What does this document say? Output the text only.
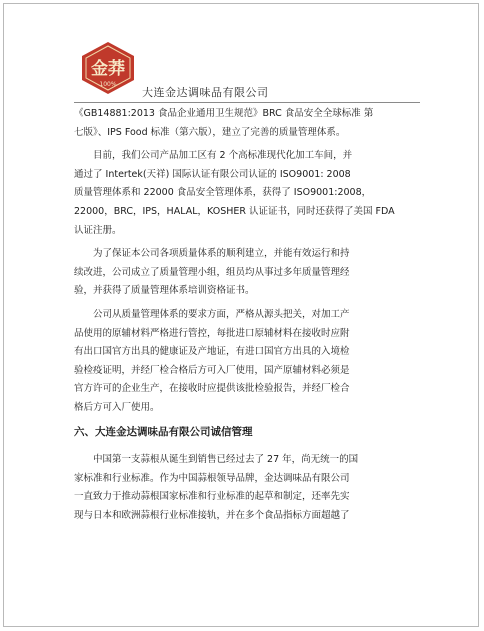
金莽
100%
大连金达调味品有限公司
《GB14881:2013 食品企业通用卫生规范》BRC 食品安全全球标准 第
七版》、IPS Food 标准（第六版），建立了完善的质量管理体系。
目前，我们公司产品加工区有 2 个高标准现代化加工车间，并
通过了 Intertek(天祥) 国际认证有限公司认证的 ISO9001: 2008
质量管理体系和 22000 食品安全管理体系，获得了 ISO9001:2008，
22000，BRC，IPS，HALAL，KOSHER 认证证书，同时还获得了美国 FDA
认证注册。
为了保证本公司各项质量体系的顺利建立，并能有效运行和持
续改进，公司成立了质量管理小组，组员均从事过多年质量管理经
验，并获得了质量管理体系培训资格证书。
公司从质量管理体系的要求方面，严格从源头把关，对加工产
品使用的原辅材料严格进行管控，每批进口原辅材料在接收时应附
有出口国官方出具的健康证及产地证，有进口国官方出具的入境检
验检疫证明，并经厂检合格后方可入厂使用，国产原辅材料必须是
官方许可的企业生产，在接收时应提供该批检验报告，并经厂检合
格后方可入厂使用。
六、大连金达调味品有限公司诚信管理
中国第一支蒜根从诞生到销售已经过去了 27 年，尚无统一的国
家标准和行业标准。作为中国蒜根领导品牌，金达调味品有限公司
一直致力于推动蒜根国家标准和行业标准的起草和制定，还率先实
现与日本和欧洲蒜根行业标准接轨，并在多个食品指标方面超越了
